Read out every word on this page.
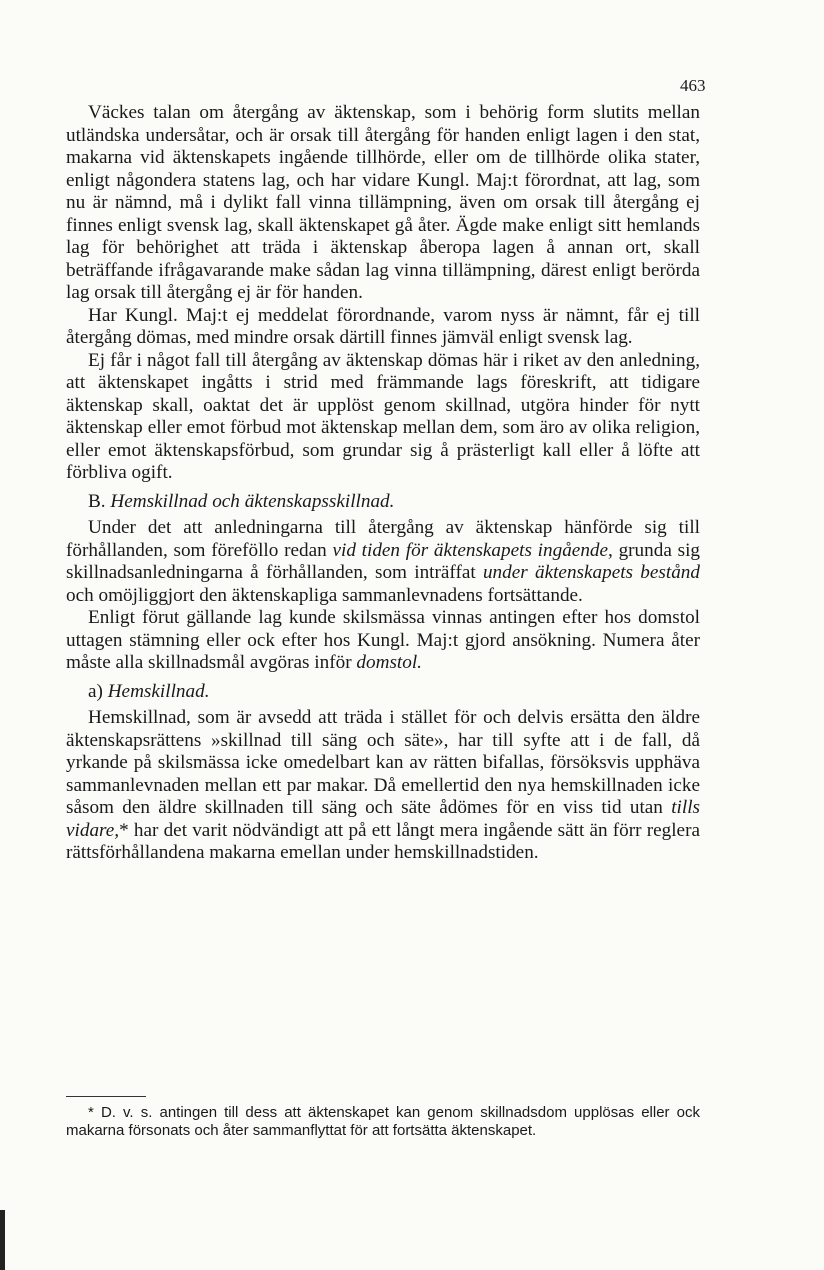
463

Väckes talan om återgång av äktenskap, som i behörig form slutits mellan utländska undersåtar, och är orsak till återgång för handen enligt lagen i den stat, makarna vid äktenskapets ingående tillhörde, eller om de tillhörde olika stater, enligt någondera statens lag, och har vidare Kungl. Maj:t förordnat, att lag, som nu är nämnd, må i dylikt fall vinna tillämpning, även om orsak till återgång ej finnes enligt svensk lag, skall äktenskapet gå åter. Ägde make enligt sitt hemlands lag för behörighet att träda i äktenskap åberopa lagen å annan ort, skall beträffande ifrågavarande make sådan lag vinna tillämpning, därest enligt berörda lag orsak till återgång ej är för handen.

Har Kungl. Maj:t ej meddelat förordnande, varom nyss är nämnt, får ej till återgång dömas, med mindre orsak därtill finnes jämväl enligt svensk lag.

Ej får i något fall till återgång av äktenskap dömas här i riket av den anledning, att äktenskapet ingåtts i strid med främmande lags föreskrift, att tidigare äktenskap skall, oaktat det är upplöst genom skillnad, utgöra hinder för nytt äktenskap eller emot förbud mot äktenskap mellan dem, som äro av olika religion, eller emot äktenskapsförbud, som grundar sig å prästerligt kall eller å löfte att förbliva ogift.

B. Hemskillnad och äktenskapsskillnad.

Under det att anledningarna till återgång av äktenskap hänförde sig till förhållanden, som föreföllo redan vid tiden för äktenskapets ingående, grunda sig skillnadsanledningarna å förhållanden, som inträffat under äktenskapets bestånd och omöjliggjort den äktenskapliga sammanlevnadens fortsättande.

Enligt förut gällande lag kunde skilsmässa vinnas antingen efter hos domstol uttagen stämning eller ock efter hos Kungl. Maj:t gjord ansökning. Numera åter måste alla skillnadsmål avgöras inför domstol.

a) Hemskillnad.

Hemskillnad, som är avsedd att träda i stället för och delvis ersätta den äldre äktenskapsrättens »skillnad till säng och säte», har till syfte att i de fall, då yrkande på skilsmässa icke omedelbart kan av rätten bifallas, försöksvis upphäva sammanlevnaden mellan ett par makar. Då emellertid den nya hemskillnaden icke såsom den äldre skillnaden till säng och säte ådömes för en viss tid utan tills vidare,* har det varit nödvändigt att på ett långt mera ingående sätt än förr reglera rättsförhållandena makarna emellan under hemskillnadstiden.

* D. v. s. antingen till dess att äktenskapet kan genom skillnadsdom upplösas eller ock makarna försonats och åter sammanflyttat för att fortsätta äktenskapet.
